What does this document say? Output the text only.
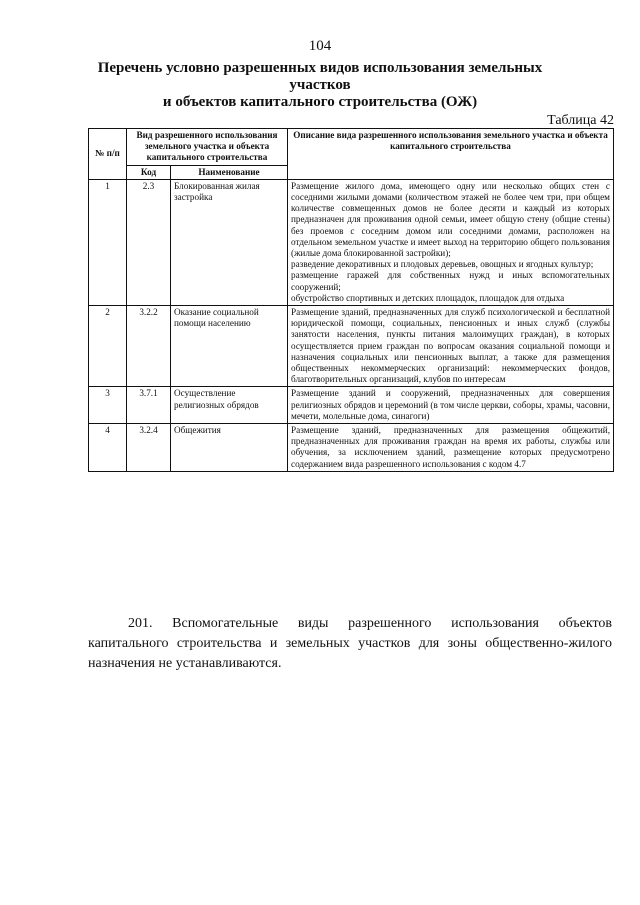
104
Перечень условно разрешенных видов использования земельных участков
и объектов капитального строительства (ОЖ)
Таблица 42
№ п/п	Вид разрешенного использования земельного участка и объекта капитального строительства		Описание вида разрешенного использования земельного участка и объекта капитального строительства
	Код	Наименование	
1	2.3	Блокированная жилая застройка	Размещение жилого дома, имеющего одну или несколько общих стен с соседними жилыми домами (количеством этажей не более чем три, при общем количестве совмещенных домов не более десяти и каждый из которых предназначен для проживания одной семьи, имеет общую стену (общие стены) без проемов с соседним домом или соседними домами, расположен на отдельном земельном участке и имеет выход на территорию общего пользования (жилые дома блокированной застройки);
разведение декоративных и плодовых деревьев, овощных и ягодных культур;
размещение гаражей для собственных нужд и иных вспомогательных сооружений;
обустройство спортивных и детских площадок, площадок для отдыха

2	3.2.2	Оказание социальной помощи населению	Размещение зданий, предназначенных для служб психологической и бесплатной юридической помощи, социальных, пенсионных и иных служб (службы занятости населения, пункты питания малоимущих граждан), в которых осуществляется прием граждан по вопросам оказания социальной помощи и назначения социальных или пенсионных выплат, а также для размещения общественных некоммерческих организаций: некоммерческих фондов, благотворительных организаций, клубов по интересам

3	3.7.1	Осуществление религиозных обрядов	Размещение зданий и сооружений, предназначенных для совершения религиозных обрядов и церемоний (в том числе церкви, соборы, храмы, часовни, мечети, молельные дома, синагоги)

4	3.2.4	Общежития	Размещение зданий, предназначенных для размещения общежитий, предназначенных для проживания граждан на время их работы, службы или обучения, за исключением зданий, размещение которых предусмотрено содержанием вида разрешенного использования с кодом 4.7
201. Вспомогательные виды разрешенного использования объектов капитального строительства и земельных участков для зоны общественно-жилого назначения не устанавливаются.
